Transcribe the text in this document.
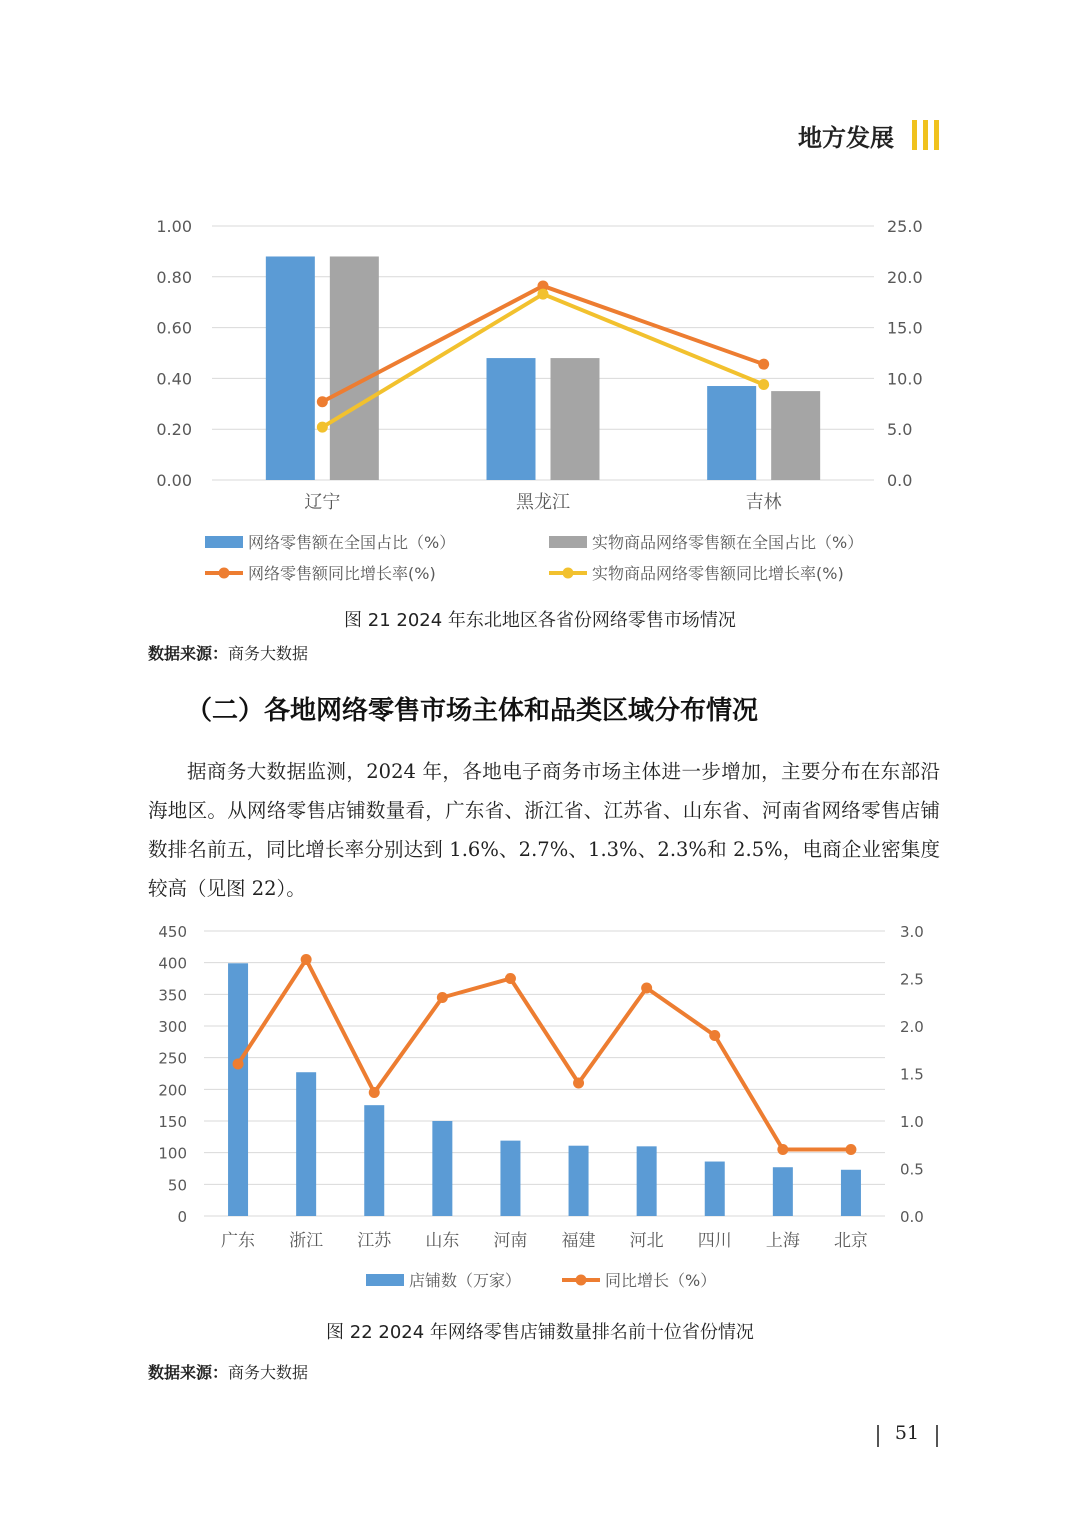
地方发展
0.00
0.20
0.40
0.60
0.80
1.00
0.0
5.0
10.0
15.0
20.0
25.0
辽宁	黑龙江	吉林
网络零售额在全国占比（%）	实物商品网络零售额在全国占比（%）
网络零售额同比增长率(%)	实物商品网络零售额同比增长率(%)
图 21 2024 年东北地区各省份网络零售市场情况
数据来源：商务大数据
（二）各地网络零售市场主体和品类区域分布情况
据商务大数据监测，2024 年，各地电子商务市场主体进一步增加，主要分布在东部沿海地区。从网络零售店铺数量看，广东省、浙江省、江苏省、山东省、河南省网络零售店铺数排名前五，同比增长率分别达到 1.6%、2.7%、1.3%、2.3%和 2.5%，电商企业密集度较高（见图 22）。
0
50
100
150
200
250
300
350
400
450
0.0
0.5
1.0
1.5
2.0
2.5
3.0
广东 浙江 江苏 山东 河南 福建 河北 四川 上海 北京
店铺数（万家）	同比增长（%）
图 22 2024 年网络零售店铺数量排名前十位省份情况
数据来源：商务大数据
51
